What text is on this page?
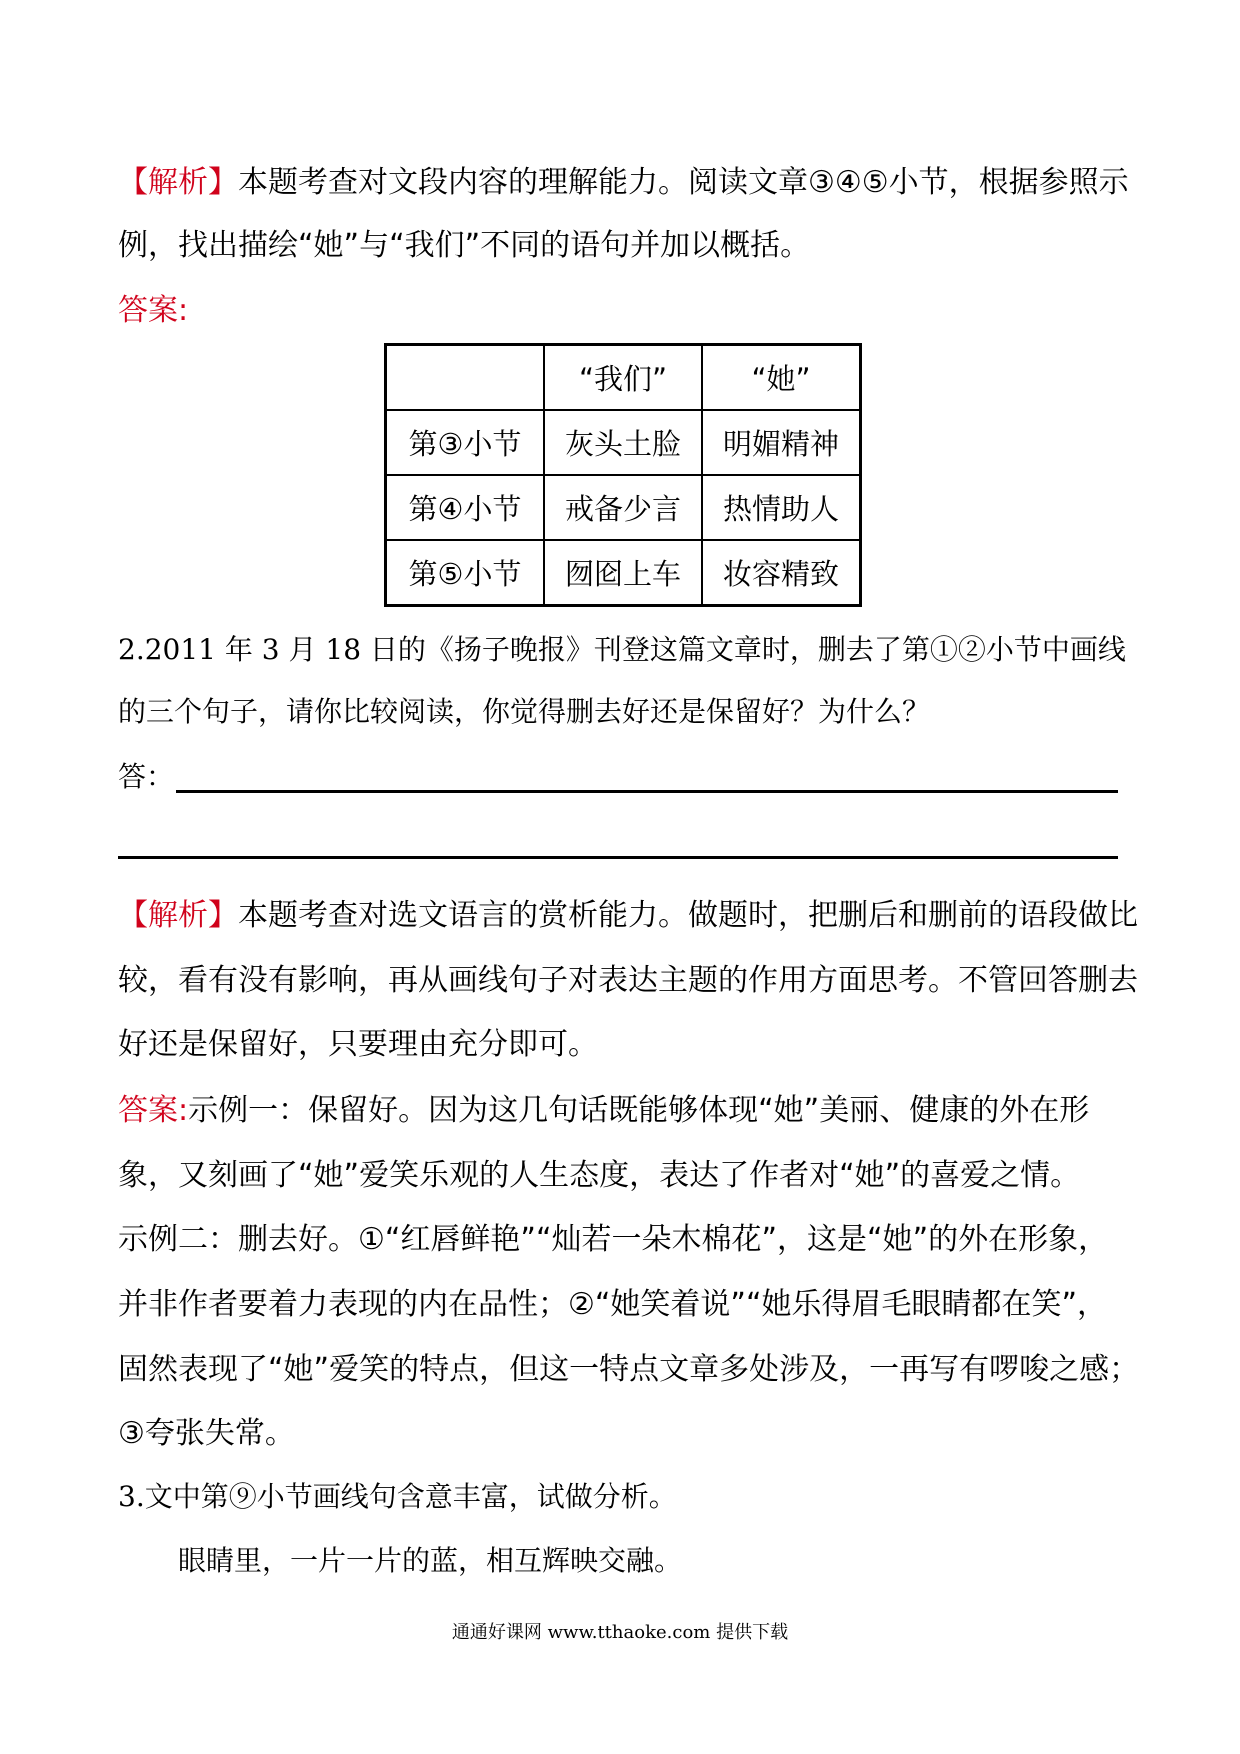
【解析】本题考查对文段内容的理解能力。阅读文章③④⑤小节，根据参照示
例，找出描绘“她”与“我们”不同的语句并加以概括。
答案:
	“我们”	“她”
第③小节	灰头土脸	明媚精神
第④小节	戒备少言	热情助人
第⑤小节	囫囵上车	妆容精致
2.2011 年 3 月 18 日的《扬子晚报》刊登这篇文章时，删去了第①②小节中画线
的三个句子，请你比较阅读，你觉得删去好还是保留好？为什么？
答：
【解析】本题考查对选文语言的赏析能力。做题时，把删后和删前的语段做比
较，看有没有影响，再从画线句子对表达主题的作用方面思考。不管回答删去
好还是保留好，只要理由充分即可。
答案:示例一：保留好。因为这几句话既能够体现“她”美丽、健康的外在形
象，又刻画了“她”爱笑乐观的人生态度，表达了作者对“她”的喜爱之情。
示例二：删去好。①“红唇鲜艳”“灿若一朵木棉花”，这是“她”的外在形象，
并非作者要着力表现的内在品性；②“她笑着说”“她乐得眉毛眼睛都在笑”，
固然表现了“她”爱笑的特点，但这一特点文章多处涉及，一再写有啰唆之感；
③夸张失常。
3.文中第⑨小节画线句含意丰富，试做分析。
眼睛里，一片一片的蓝，相互辉映交融。
通通好课网 www.tthaoke.com 提供下载
